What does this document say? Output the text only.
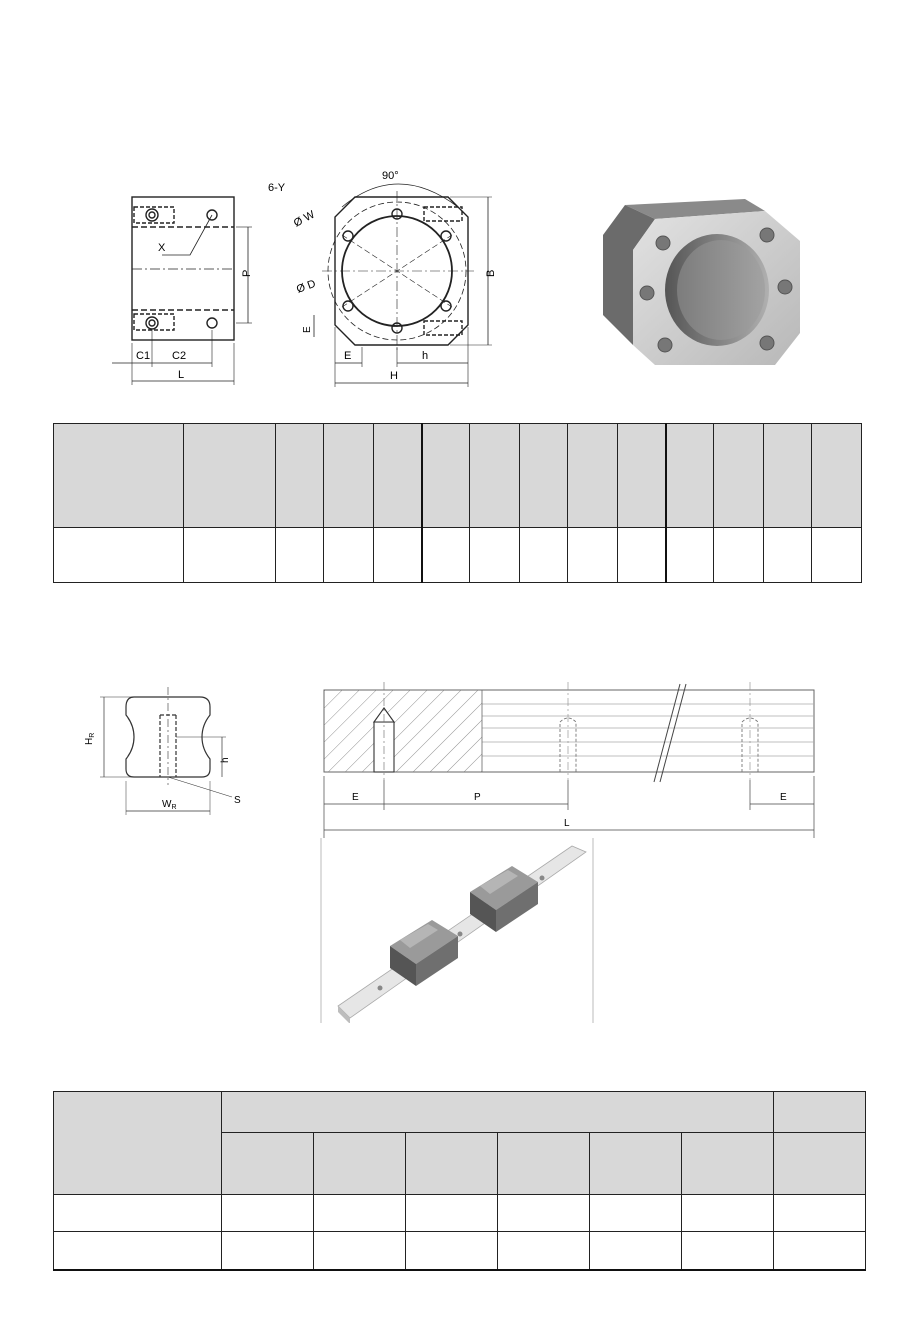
X
P
C1 C2
L
90°
6-Y
Ø W
Ø D
B
E
E	h
H

$H_R$
h
S
$W_R$
E	P	E
L
